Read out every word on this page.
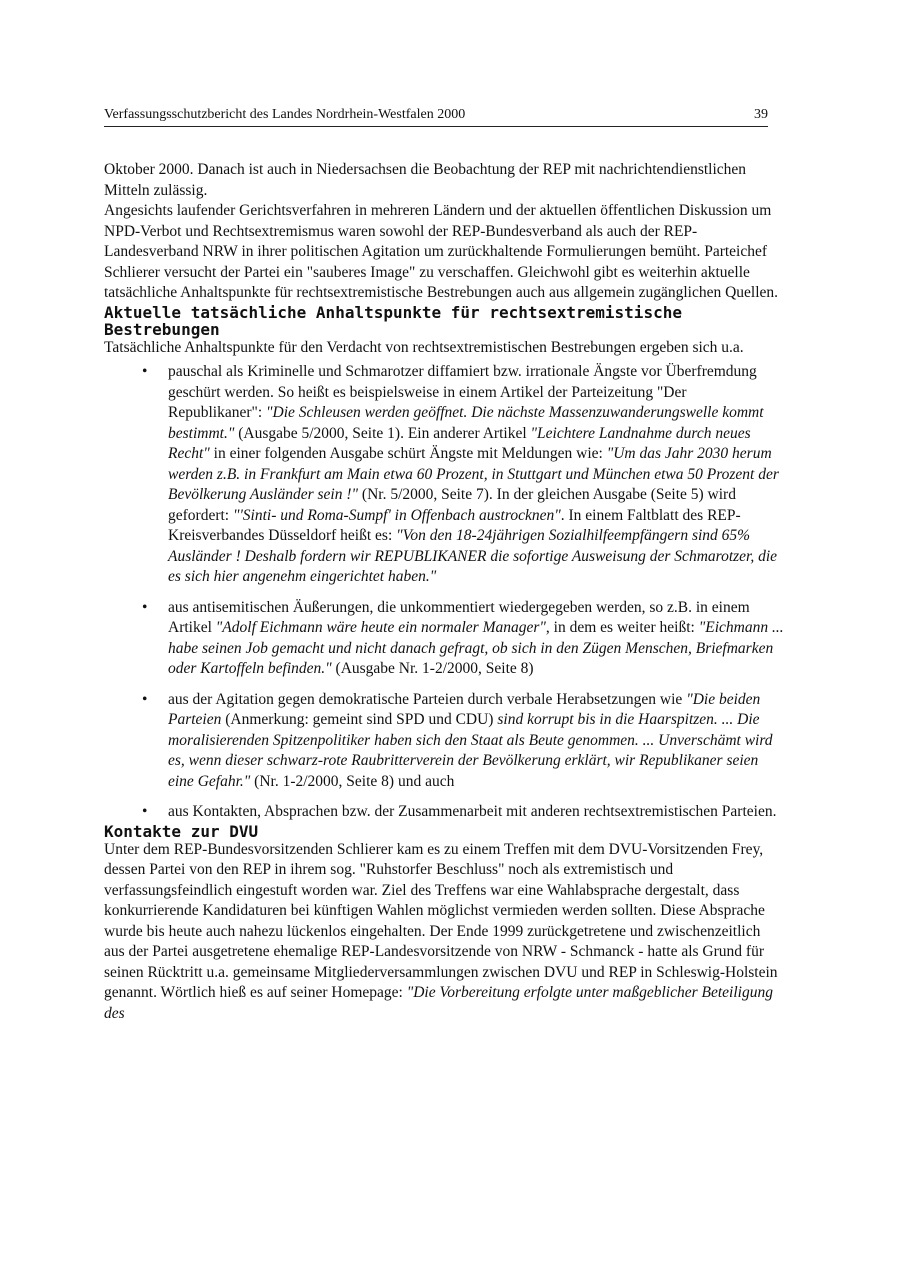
Verfassungsschutzbericht des Landes Nordrhein-Westfalen 2000	39

Oktober 2000. Danach ist auch in Niedersachsen die Beobachtung der REP mit nachrichtendienstlichen Mitteln zulässig.

Angesichts laufender Gerichtsverfahren in mehreren Ländern und der aktuellen öffentlichen Diskussion um NPD-Verbot und Rechtsextremismus waren sowohl der REP-Bundesverband als auch der REP-Landesverband NRW in ihrer politischen Agitation um zurückhaltende Formulierungen bemüht. Parteichef Schlierer versucht der Partei ein "sauberes Image" zu verschaffen. Gleichwohl gibt es weiterhin aktuelle tatsächliche Anhaltspunkte für rechtsextremistische Bestrebungen auch aus allgemein zugänglichen Quellen.

Aktuelle tatsächliche Anhaltspunkte für rechtsextremistische Bestrebungen

Tatsächliche Anhaltspunkte für den Verdacht von rechtsextremistischen Bestrebungen ergeben sich u.a.

• pauschal als Kriminelle und Schmarotzer diffamiert bzw. irrationale Ängste vor Überfremdung geschürt werden. So heißt es beispielsweise in einem Artikel der Parteizeitung "Der Republikaner": "Die Schleusen werden geöffnet. Die nächste Massenzuwanderungswelle kommt bestimmt." (Ausgabe 5/2000, Seite 1). Ein anderer Artikel "Leichtere Landnahme durch neues Recht" in einer folgenden Ausgabe schürt Ängste mit Meldungen wie: "Um das Jahr 2030 herum werden z.B. in Frankfurt am Main etwa 60 Prozent, in Stuttgart und München etwa 50 Prozent der Bevölkerung Ausländer sein !" (Nr. 5/2000, Seite 7). In der gleichen Ausgabe (Seite 5) wird gefordert: "'Sinti- und Roma-Sumpf' in Offenbach austrocknen". In einem Faltblatt des REP-Kreisverbandes Düsseldorf heißt es: "Von den 18-24jährigen Sozialhilfeempfängern sind 65% Ausländer ! Deshalb fordern wir REPUBLIKANER die sofortige Ausweisung der Schmarotzer, die es sich hier angenehm eingerichtet haben."
• aus antisemitischen Äußerungen, die unkommentiert wiedergegeben werden, so z.B. in einem Artikel "Adolf Eichmann wäre heute ein normaler Manager", in dem es weiter heißt: "Eichmann ... habe seinen Job gemacht und nicht danach gefragt, ob sich in den Zügen Menschen, Briefmarken oder Kartoffeln befinden." (Ausgabe Nr. 1-2/2000, Seite 8)
• aus der Agitation gegen demokratische Parteien durch verbale Herabsetzungen wie "Die beiden Parteien (Anmerkung: gemeint sind SPD und CDU) sind korrupt bis in die Haarspitzen. ... Die moralisierenden Spitzenpolitiker haben sich den Staat als Beute genommen. ... Unverschämt wird es, wenn dieser schwarz-rote Raubritterverein der Bevölkerung erklärt, wir Republikaner seien eine Gefahr." (Nr. 1-2/2000, Seite 8) und auch
• aus Kontakten, Absprachen bzw. der Zusammenarbeit mit anderen rechtsextremistischen Parteien.
Kontakte zur DVU

Unter dem REP-Bundesvorsitzenden Schlierer kam es zu einem Treffen mit dem DVU-Vorsitzenden Frey, dessen Partei von den REP in ihrem sog. "Ruhstorfer Beschluss" noch als extremistisch und verfassungsfeindlich eingestuft worden war. Ziel des Treffens war eine Wahlabsprache dergestalt, dass konkurrierende Kandidaturen bei künftigen Wahlen möglichst vermieden werden sollten. Diese Absprache wurde bis heute auch nahezu lückenlos eingehalten. Der Ende 1999 zurückgetretene und zwischenzeitlich aus der Partei ausgetretene ehemalige REP-Landesvorsitzende von NRW - Schmanck - hatte als Grund für seinen Rücktritt u.a. gemeinsame Mitgliederversammlungen zwischen DVU und REP in Schleswig-Holstein genannt. Wörtlich hieß es auf seiner Homepage: "Die Vorbereitung erfolgte unter maßgeblicher Beteiligung des
